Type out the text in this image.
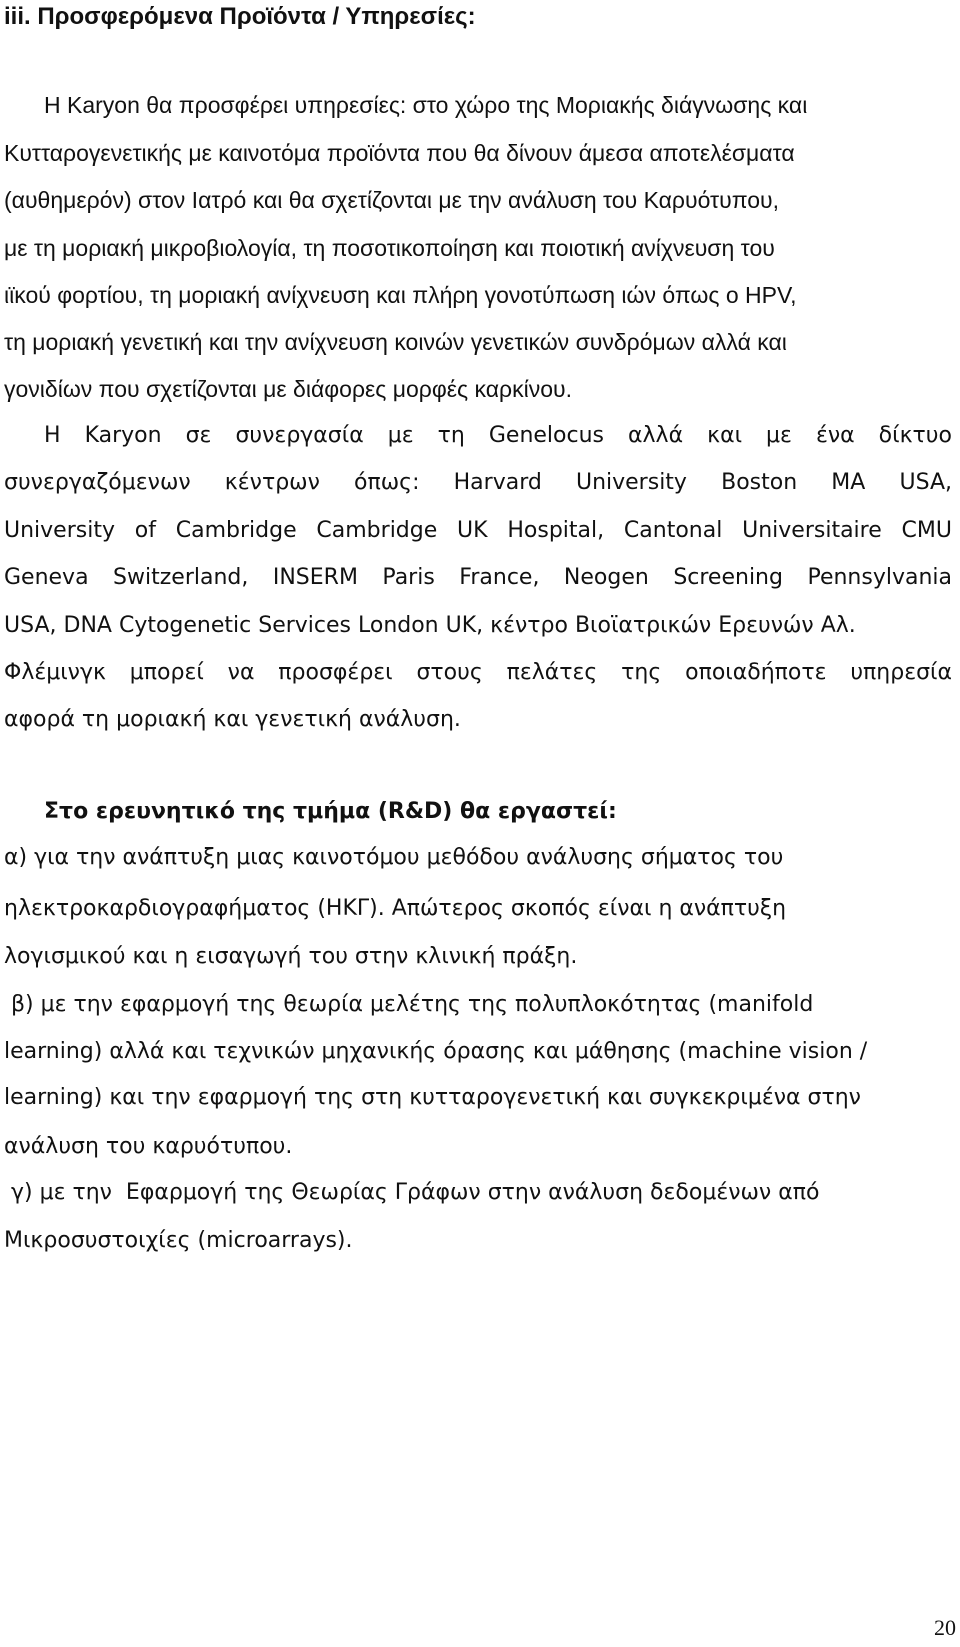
iii. Προσφερόμενα Προϊόντα / Υπηρεσίες:
H Karyon θα προσφέρει υπηρεσίες: στο χώρο της Μοριακής διάγνωσης και
Κυτταρογενετικής με καινοτόμα προϊόντα που θα δίνουν άμεσα αποτελέσματα
(αυθημερόν) στον Ιατρό και θα σχετίζονται με την ανάλυση του Καρυότυπου,
με τη μοριακή μικροβιολογία, τη ποσοτικοποίηση και ποιοτική ανίχνευση του
ιϊκού φορτίου, τη μοριακή ανίχνευση και πλήρη γονοτύπωση ιών όπως ο HPV,
τη μοριακή γενετική και την ανίχνευση κοινών γενετικών συνδρόμων αλλά και
γονιδίων που σχετίζονται με διάφορες μορφές καρκίνου.
H Karyon σε συνεργασία με τη Genelocus αλλά και με ένα δίκτυο
συνεργαζόμενων κέντρων όπως: Harvard University Boston MA USA,
University of Cambridge Cambridge UK Hospital, Cantonal Universitaire CMU
Geneva Switzerland, INSERM Paris France, Neogen Screening Pennsylvania
USA, DNA Cytogenetic Services London UK, κέντρο Βιοϊατρικών Ερευνών Αλ.
Φλέμινγκ μπορεί να προσφέρει στους πελάτες της οποιαδήποτε υπηρεσία
αφορά τη μοριακή και γενετική ανάλυση.
Στο ερευνητικό της τμήμα (R&D) θα εργαστεί:
α) για την ανάπτυξη μιας καινοτόμου μεθόδου ανάλυσης σήματος του
ηλεκτροκαρδιογραφήματος (ΗΚΓ). Απώτερος σκοπός είναι η ανάπτυξη
λογισμικού και η εισαγωγή του στην κλινική πράξη.
β) με την εφαρμογή της θεωρία μελέτης της πολυπλοκότητας (manifold
learning) αλλά και τεχνικών μηχανικής όρασης και μάθησης (machine vision /
learning) και την εφαρμογή της στη κυτταρογενετική και συγκεκριμένα στην
ανάλυση του καρυότυπου.
γ) με την  Εφαρμογή της Θεωρίας Γράφων στην ανάλυση δεδομένων από
Μικροσυστοιχίες (microarrays).
20
